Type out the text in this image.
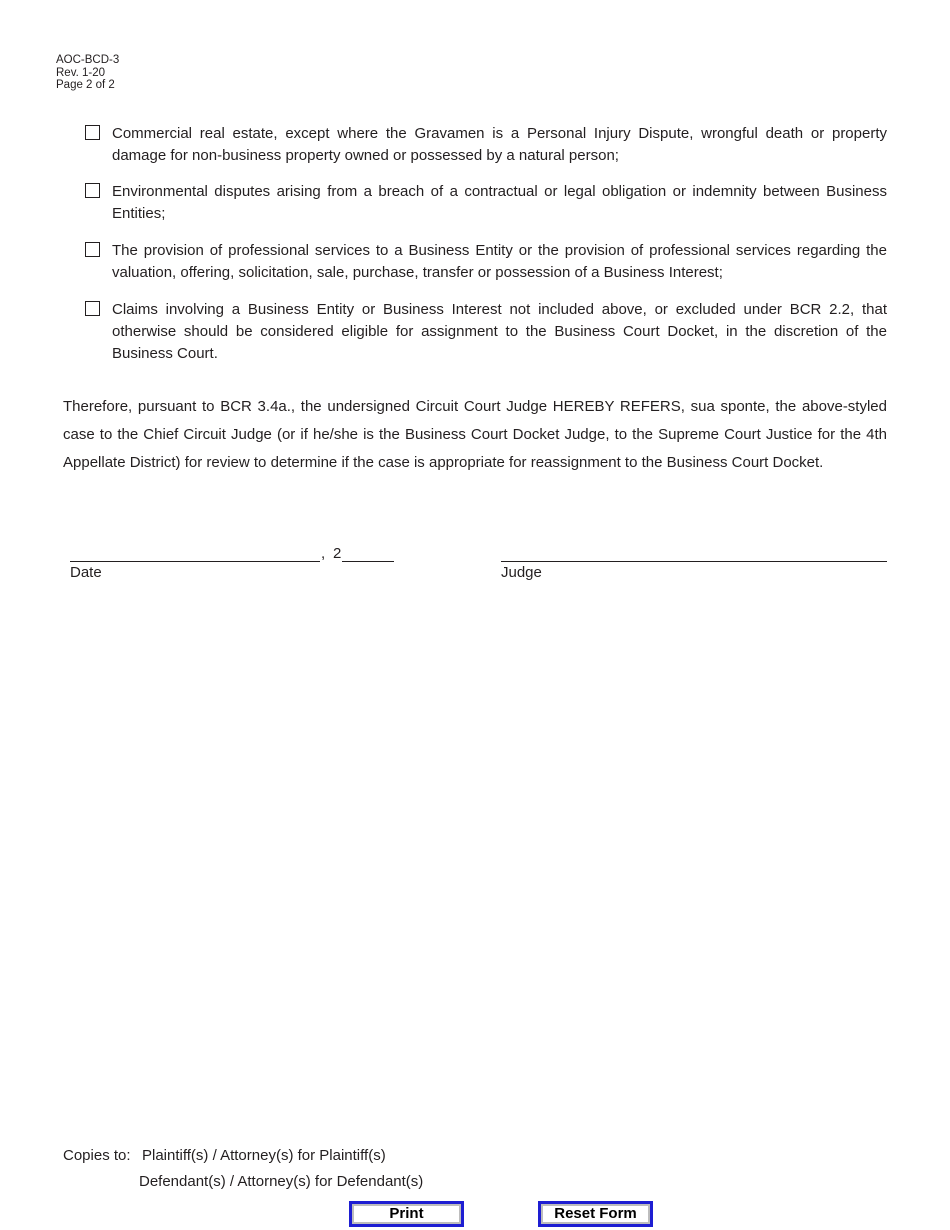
AOC-BCD-3
Rev. 1-20
Page 2 of 2
Commercial real estate, except where the Gravamen is a Personal Injury Dispute, wrongful death or property damage for non-business property owned or possessed by a natural person;
Environmental disputes arising from a breach of a contractual or legal obligation or indemnity between Business Entities;
The provision of professional services to a Business Entity or the provision of professional services regarding the valuation, offering, solicitation, sale, purchase, transfer or possession of a Business Interest;
Claims involving a Business Entity or Business Interest not included above, or excluded under BCR 2.2, that otherwise should be considered eligible for assignment to the Business Court Docket, in the discretion of the Business Court.
Therefore, pursuant to BCR 3.4a., the undersigned Circuit Court Judge HEREBY REFERS, sua sponte, the above-styled case to the Chief Circuit Judge (or if he/she is the Business Court Docket Judge, to the Supreme Court Justice for the 4th Appellate District) for review to determine if the case is appropriate for reassignment to the Business Court Docket.
, 2
Date	Judge
Copies to: Plaintiff(s) / Attorney(s) for Plaintiff(s)
Defendant(s) / Attorney(s) for Defendant(s)
Print	Reset Form
